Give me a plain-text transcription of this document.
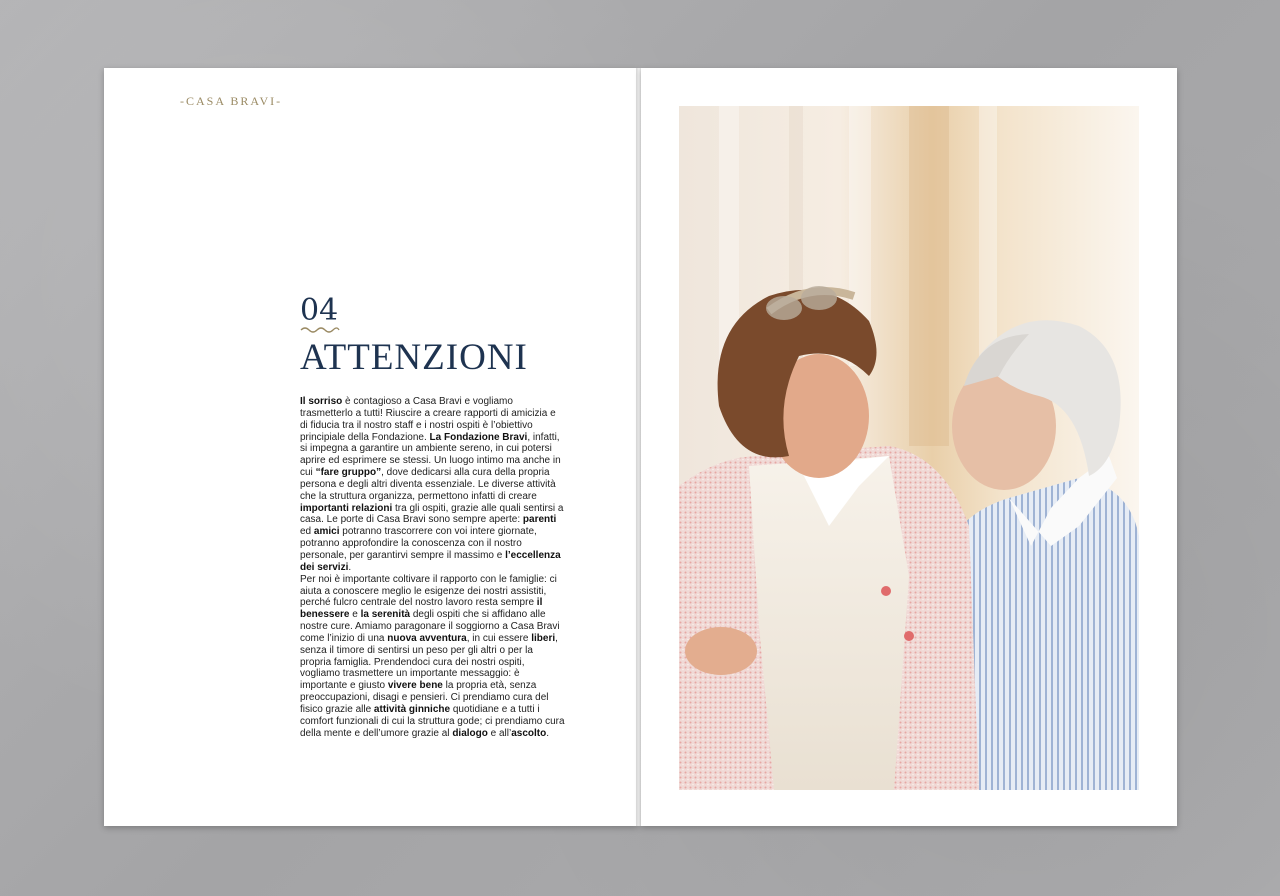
-CASA BRAVI-
04
ATTENZIONI

Il sorriso è contagioso a Casa Bravi e vogliamo trasmetterlo a tutti! Riuscire a creare rapporti di amicizia e di fiducia tra il nostro staff e i nostri ospiti è l’obiettivo principiale della Fondazione. La Fondazione Bravi, infatti, si impegna a garantire un ambiente sereno, in cui potersi aprire ed esprimere se stessi. Un luogo intimo ma anche in cui “fare gruppo”, dove dedicarsi alla cura della propria persona e degli altri diventa essenziale. Le diverse attività che la struttura organizza, permettono infatti di creare importanti relazioni tra gli ospiti, grazie alle quali sentirsi a casa. Le porte di Casa Bravi sono sempre aperte: parenti ed amici potranno trascorrere con voi intere giornate, potranno approfondire la conoscenza con il nostro personale, per garantirvi sempre il massimo e l’eccellenza dei servizi.

Per noi è importante coltivare il rapporto con le famiglie: ci aiuta a conoscere meglio le esigenze dei nostri assistiti, perché fulcro centrale del nostro lavoro resta sempre il benessere e la serenità degli ospiti che si affidano alle nostre cure. Amiamo paragonare il soggiorno a Casa Bravi come l’inizio di una nuova avventura, in cui essere liberi, senza il timore di sentirsi un peso per gli altri o per la propria famiglia. Prendendoci cura dei nostri ospiti, vogliamo trasmettere un importante messaggio: è importante e giusto vivere bene la propria età, senza preoccupazioni, disagi e pensieri. Ci prendiamo cura del fisico grazie alle attività ginniche quotidiane e a tutti i comfort funzionali di cui la struttura gode; ci prendiamo cura della mente e dell’umore grazie al dialogo e all’ascolto.
